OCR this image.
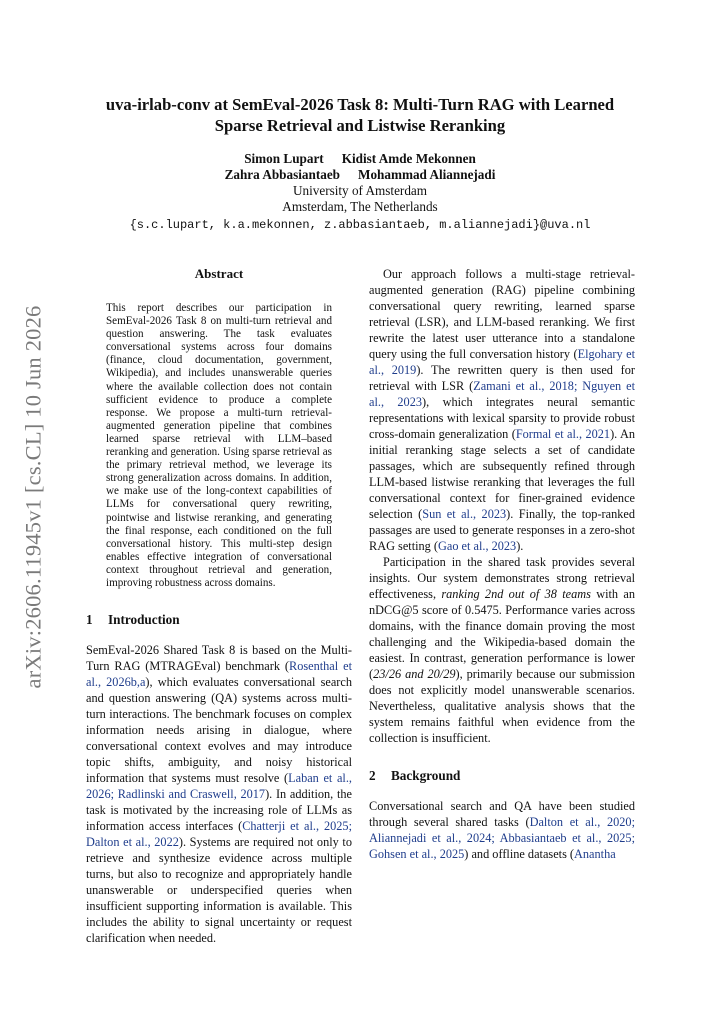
arXiv:2606.11945v1 [cs.CL] 10 Jun 2026
uva-irlab-conv at SemEval-2026 Task 8: Multi-Turn RAG with Learned
Sparse Retrieval and Listwise Reranking
Simon Lupart Kidist Amde Mekonnen
Zahra Abbasiantaeb Mohammad Aliannejadi
University of Amsterdam
Amsterdam, The Netherlands
{s.c.lupart, k.a.mekonnen, z.abbasiantaeb, m.aliannejadi}@uva.nl
Abstract

This report describes our participation in SemEval-2026 Task 8 on multi-turn retrieval and question answering. The task evaluates conversational systems across four domains (finance, cloud documentation, government, Wikipedia), and includes unanswerable queries where the available collection does not contain sufficient evidence to produce a complete response. We propose a multi-turn retrieval-augmented generation pipeline that combines learned sparse retrieval with LLM–based reranking and generation. Using sparse retrieval as the primary retrieval method, we leverage its strong generalization across domains. In addition, we make use of the long-context capabilities of LLMs for conversational query rewriting, pointwise and listwise reranking, and generating the final response, each conditioned on the full conversational history. This multi-step design enables effective integration of conversational context throughout retrieval and generation, improving robustness across domains.

1 Introduction

SemEval-2026 Shared Task 8 is based on the Multi-Turn RAG (MTRAGEval) benchmark (Rosenthal et al., 2026b,a), which evaluates conversational search and question answering (QA) systems across multi-turn interactions. The benchmark focuses on complex information needs arising in dialogue, where conversational context evolves and may introduce topic shifts, ambiguity, and noisy historical information that systems must resolve (Laban et al., 2026; Radlinski and Craswell, 2017). In addition, the task is motivated by the increasing role of LLMs as information access interfaces (Chatterji et al., 2025; Dalton et al., 2022). Systems are required not only to retrieve and synthesize evidence across multiple turns, but also to recognize and appropriately handle unanswerable or underspecified queries when insufficient supporting information is available. This includes the ability to signal uncertainty or request clarification when needed.

Our approach follows a multi-stage retrieval-augmented generation (RAG) pipeline combining conversational query rewriting, learned sparse retrieval (LSR), and LLM-based reranking. We first rewrite the latest user utterance into a standalone query using the full conversation history (Elgohary et al., 2019). The rewritten query is then used for retrieval with LSR (Zamani et al., 2018; Nguyen et al., 2023), which integrates neural semantic representations with lexical sparsity to provide robust cross-domain generalization (Formal et al., 2021). An initial reranking stage selects a set of candidate passages, which are subsequently refined through LLM-based listwise reranking that leverages the full conversational context for finer-grained evidence selection (Sun et al., 2023). Finally, the top-ranked passages are used to generate responses in a zero-shot RAG setting (Gao et al., 2023).

Participation in the shared task provides several insights. Our system demonstrates strong retrieval effectiveness, ranking 2nd out of 38 teams with an nDCG@5 score of 0.5475. Performance varies across domains, with the finance domain proving the most challenging and the Wikipedia-based domain the easiest. In contrast, generation performance is lower (23/26 and 20/29), primarily because our submission does not explicitly model unanswerable scenarios. Nevertheless, qualitative analysis shows that the system remains faithful when evidence from the collection is insufficient.

2 Background

Conversational search and QA have been studied through several shared tasks (Dalton et al., 2020; Aliannejadi et al., 2024; Abbasiantaeb et al., 2025; Gohsen et al., 2025) and offline datasets (Anantha
